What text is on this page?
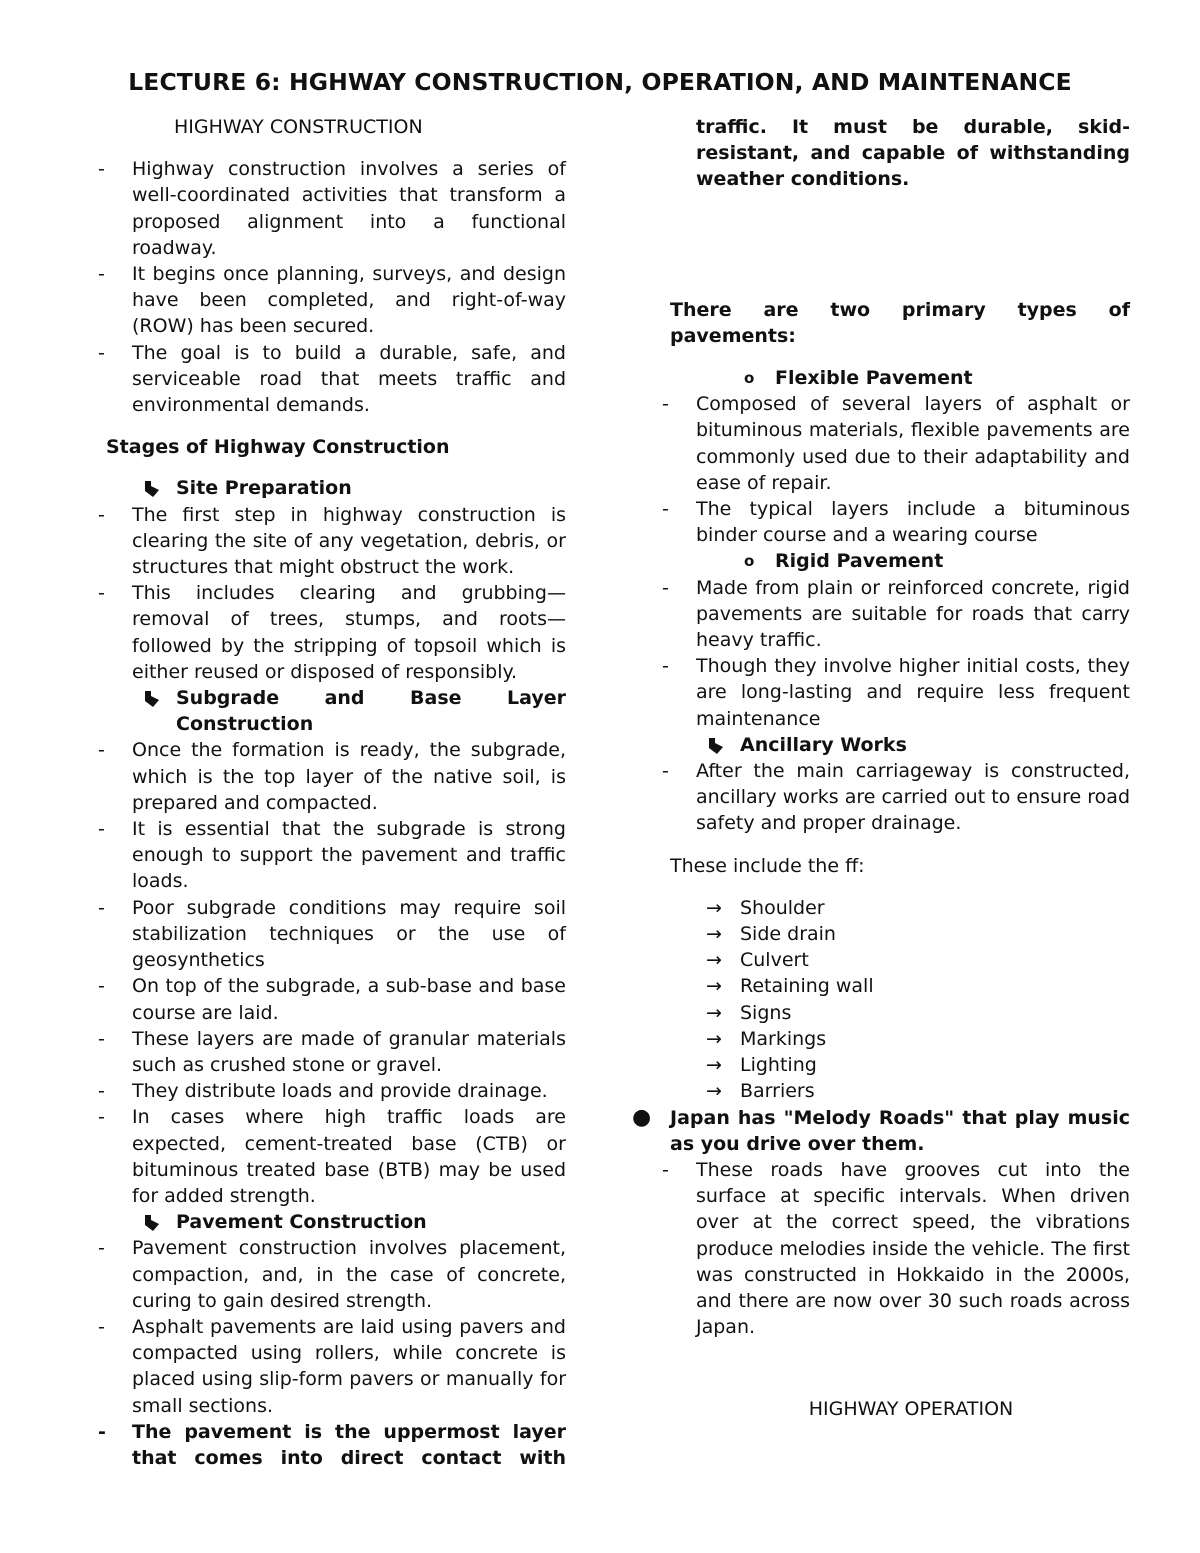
LECTURE 6: HGHWAY CONSTRUCTION, OPERATION, AND MAINTENANCE
HIGHWAY CONSTRUCTION
-	Highway construction involves a series of well-coordinated activities that transform a proposed alignment into a functional roadway.
-	It begins once planning, surveys, and design have been completed, and right-of-way (ROW) has been secured.
-	The goal is to build a durable, safe, and serviceable road that meets traffic and environmental demands.
Stages of Highway Construction
Site Preparation
-	The first step in highway construction is clearing the site of any vegetation, debris, or structures that might obstruct the work.
-	This includes clearing and grubbing—removal of trees, stumps, and roots—followed by the stripping of topsoil which is either reused or disposed of responsibly.
Subgrade and Base Layer Construction
-	Once the formation is ready, the subgrade, which is the top layer of the native soil, is prepared and compacted.
-	It is essential that the subgrade is strong enough to support the pavement and traffic loads.
-	Poor subgrade conditions may require soil stabilization techniques or the use of geosynthetics
-	On top of the subgrade, a sub-base and base course are laid.
-	These layers are made of granular materials such as crushed stone or gravel.
-	They distribute loads and provide drainage.
-	In cases where high traffic loads are expected, cement-treated base (CTB) or bituminous treated base (BTB) may be used for added strength.
Pavement Construction
-	Pavement construction involves placement, compaction, and, in the case of concrete, curing to gain desired strength.
-	Asphalt pavements are laid using pavers and compacted using rollers, while concrete is placed using slip-form pavers or manually for small sections.
-	The pavement is the uppermost layer that comes into direct contact with
traffic. It must be durable, skid-resistant, and capable of withstanding weather conditions.
There are two primary types of pavements:
o Flexible Pavement
-	Composed of several layers of asphalt or bituminous materials, flexible pavements are commonly used due to their adaptability and ease of repair.
-	The typical layers include a bituminous binder course and a wearing course
o Rigid Pavement
-	Made from plain or reinforced concrete, rigid pavements are suitable for roads that carry heavy traffic.
-	Though they involve higher initial costs, they are long-lasting and require less frequent maintenance
Ancillary Works
-	After the main carriageway is constructed, ancillary works are carried out to ensure road safety and proper drainage.
These include the ff:
→ Shoulder
→ Side drain
→ Culvert
→ Retaining wall
→ Signs
→ Markings
→ Lighting
→ Barriers
● Japan has "Melody Roads" that play music as you drive over them.
-	These roads have grooves cut into the surface at specific intervals. When driven over at the correct speed, the vibrations produce melodies inside the vehicle. The first was constructed in Hokkaido in the 2000s, and there are now over 30 such roads across Japan.
HIGHWAY OPERATION
